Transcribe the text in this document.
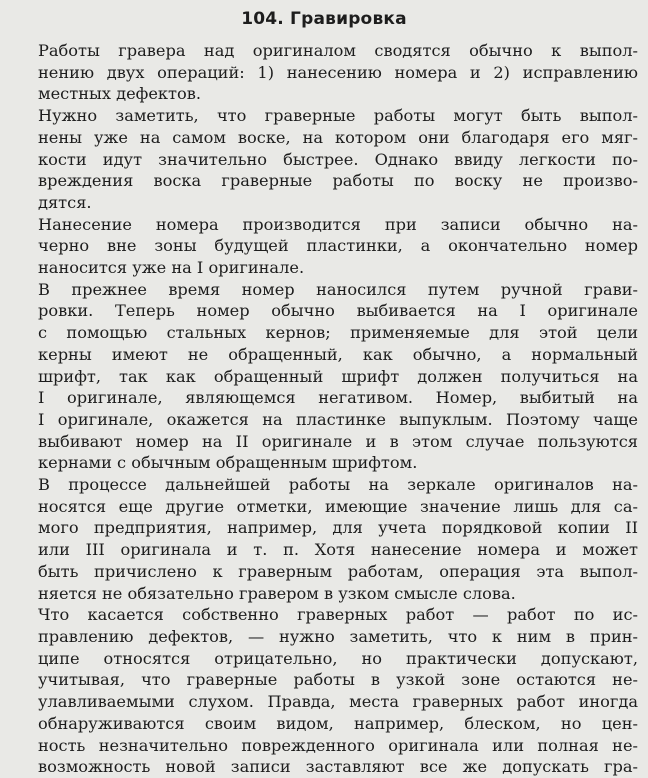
104. Гравировка

Работы гравера над оригиналом сводятся обычно к выпол-
нению двух операций: 1) нанесению номера и 2) исправлению
местных дефектов.

Нужно заметить, что граверные работы могут быть выпол-
нены уже на самом воске, на котором они благодаря его мяг-
кости идут значительно быстрее. Однако ввиду легкости по-
вреждения воска граверные работы по воску не произво-
дятся.

Нанесение номера производится при записи обычно на-
черно вне зоны будущей пластинки, а окончательно номер
наносится уже на I оригинале.

В прежнее время номер наносился путем ручной грави-
ровки. Теперь номер обычно выбивается на I оригинале
с помощью стальных кернов; применяемые для этой цели
керны имеют не обращенный, как обычно, а нормальный
шрифт, так как обращенный шрифт должен получиться на
I оригинале, являющемся негативом. Номер, выбитый на
I оригинале, окажется на пластинке выпуклым. Поэтому чаще
выбивают номер на II оригинале и в этом случае пользуются
кернами с обычным обращенным шрифтом.

В процессе дальнейшей работы на зеркале оригиналов на-
носятся еще другие отметки, имеющие значение лишь для са-
мого предприятия, например, для учета порядковой копии II
или III оригинала и т. п. Хотя нанесение номера и может
быть причислено к граверным работам, операция эта выпол-
няется не обязательно гравером в узком смысле слова.

Что касается собственно граверных работ — работ по ис-
правлению дефектов, — нужно заметить, что к ним в прин-
ципе относятся отрицательно, но практически допускают,
учитывая, что граверные работы в узкой зоне остаются не-
улавливаемыми слухом. Правда, места граверных работ иногда
обнаруживаются своим видом, например, блеском, но цен-
ность незначительно поврежденного оригинала или полная не-
возможность новой записи заставляют все же допускать гра-
